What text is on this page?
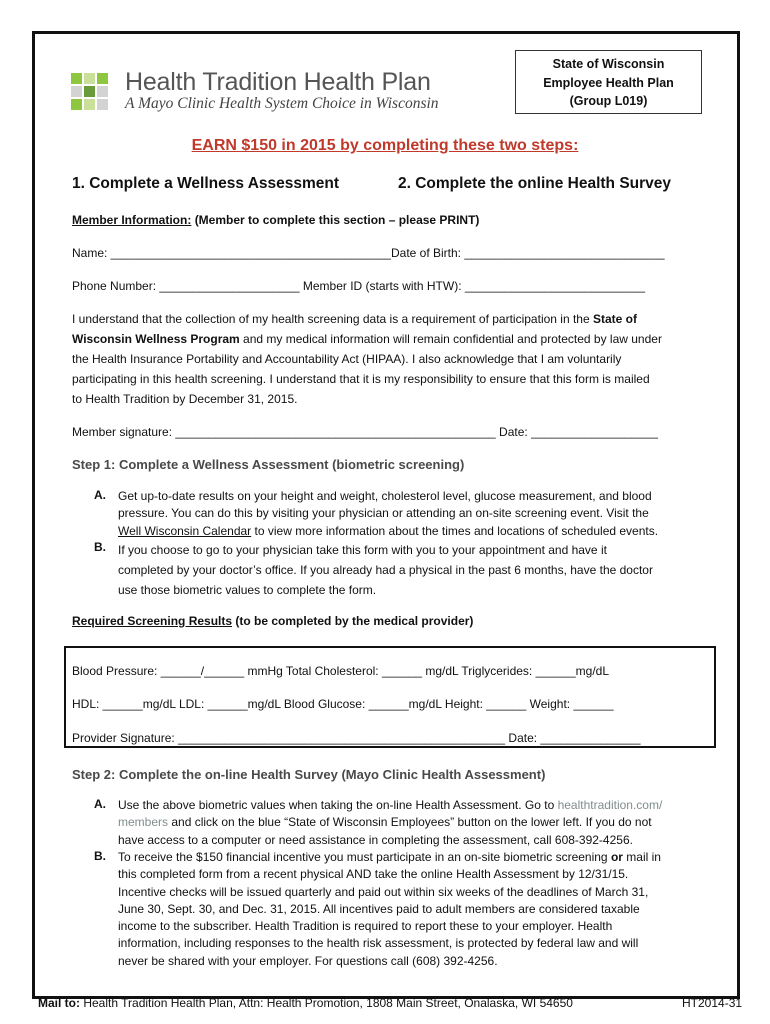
Health Tradition Health Plan
A Mayo Clinic Health System Choice in Wisconsin
State of Wisconsin
Employee Health Plan
(Group L019)
EARN $150 in 2015 by completing these two steps:
1. Complete a Wellness Assessment	2. Complete the online Health Survey
Member Information: (Member to complete this section – please PRINT)
Name: __________________________________________Date of Birth: ______________________________
Phone Number: _____________________ Member ID (starts with HTW): ___________________________
I understand that the collection of my health screening data is a requirement of participation in the State of
Wisconsin Wellness Program and my medical information will remain confidential and protected by law under
the Health Insurance Portability and Accountability Act (HIPAA). I also acknowledge that I am voluntarily
participating in this health screening. I understand that it is my responsibility to ensure that this form is mailed
to Health Tradition by December 31, 2015.
Member signature: ________________________________________________ Date: ___________________
Step 1: Complete a Wellness Assessment (biometric screening)
A. Get up-to-date results on your height and weight, cholesterol level, glucose measurement, and blood
pressure. You can do this by visiting your physician or attending an on-site screening event. Visit the
Well Wisconsin Calendar to view more information about the times and locations of scheduled events.
B. If you choose to go to your physician take this form with you to your appointment and have it
completed by your doctor’s office. If you already had a physical in the past 6 months, have the doctor
use those biometric values to complete the form.
Required Screening Results (to be completed by the medical provider)
Blood Pressure: ______/______ mmHg Total Cholesterol: ______ mg/dL Triglycerides: ______mg/dL
HDL: ______mg/dL LDL: ______mg/dL Blood Glucose: ______mg/dL Height: ______ Weight: ______
Provider Signature: _________________________________________________ Date: _______________
Step 2: Complete the on-line Health Survey (Mayo Clinic Health Assessment)
A. Use the above biometric values when taking the on-line Health Assessment. Go to healthtradition.com/
members and click on the blue “State of Wisconsin Employees” button on the lower left. If you do not
have access to a computer or need assistance in completing the assessment, call 608-392-4256.
B. To receive the $150 financial incentive you must participate in an on-site biometric screening or mail in
this completed form from a recent physical AND take the online Health Assessment by 12/31/15.
Incentive checks will be issued quarterly and paid out within six weeks of the deadlines of March 31,
June 30, Sept. 30, and Dec. 31, 2015. All incentives paid to adult members are considered taxable
income to the subscriber. Health Tradition is required to report these to your employer. Health
information, including responses to the health risk assessment, is protected by federal law and will
never be shared with your employer. For questions call (608) 392-4256.
Mail to: Health Tradition Health Plan, Attn: Health Promotion, 1808 Main Street, Onalaska, WI 54650	HT2014-31
